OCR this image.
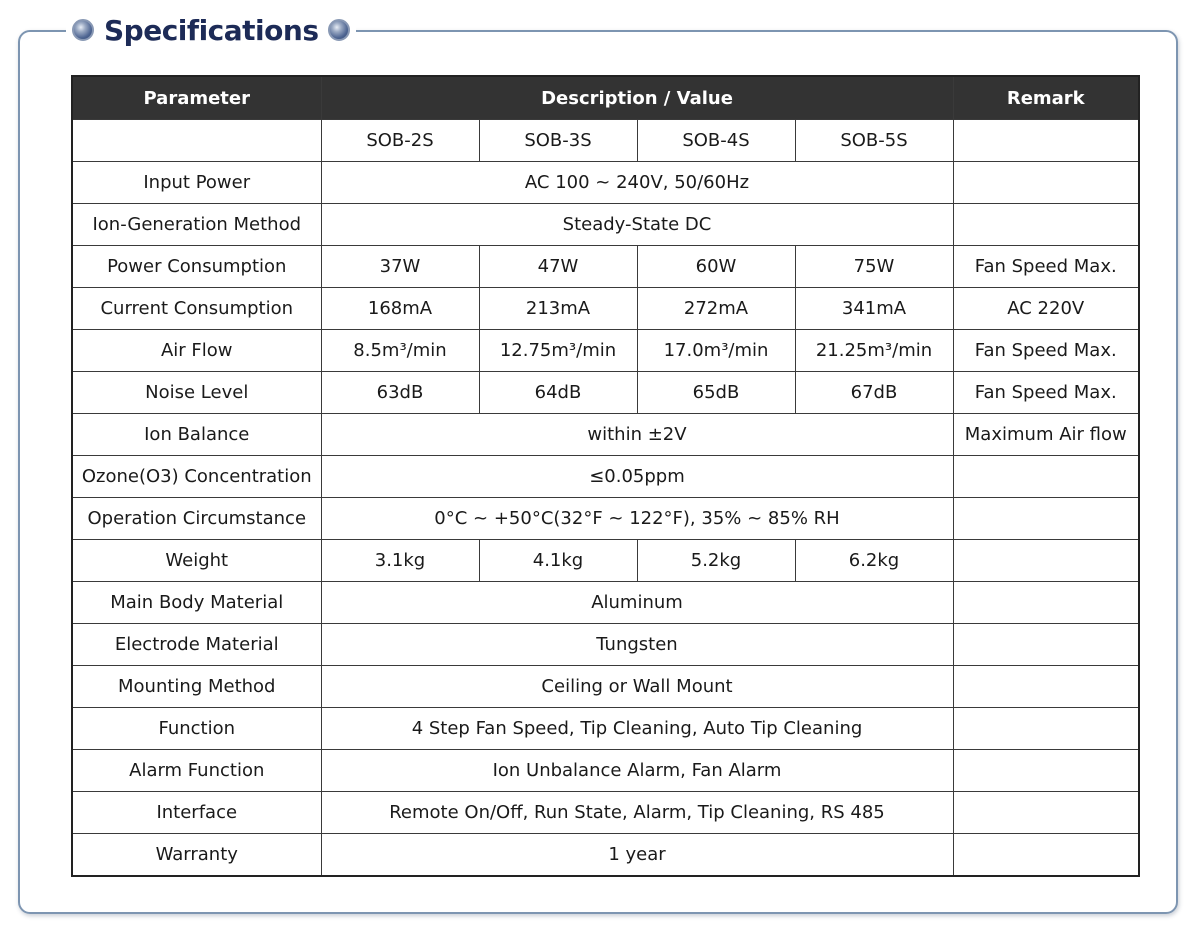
Specifications
Parameter	Description / Value				Remark
	SOB-2S	SOB-3S	SOB-4S	SOB-5S	
Input Power	AC 100 ~ 240V, 50/60Hz				
Ion-Generation Method	Steady-State DC				
Power Consumption	37W	47W	60W	75W	Fan Speed Max.
Current Consumption	168mA	213mA	272mA	341mA	AC 220V
Air Flow	8.5m³/min	12.75m³/min	17.0m³/min	21.25m³/min	Fan Speed Max.
Noise Level	63dB	64dB	65dB	67dB	Fan Speed Max.
Ion Balance	within ±2V				Maximum Air flow
Ozone(O3) Concentration	≤0.05ppm				
Operation Circumstance	0°C ~ +50°C(32°F ~ 122°F), 35% ~ 85% RH				
Weight	3.1kg	4.1kg	5.2kg	6.2kg	
Main Body Material	Aluminum				
Electrode Material	Tungsten				
Mounting Method	Ceiling or Wall Mount				
Function	4 Step Fan Speed, Tip Cleaning, Auto Tip Cleaning				
Alarm Function	Ion Unbalance Alarm, Fan Alarm				
Interface	Remote On/Off, Run State, Alarm, Tip Cleaning, RS 485				
Warranty	1 year				
